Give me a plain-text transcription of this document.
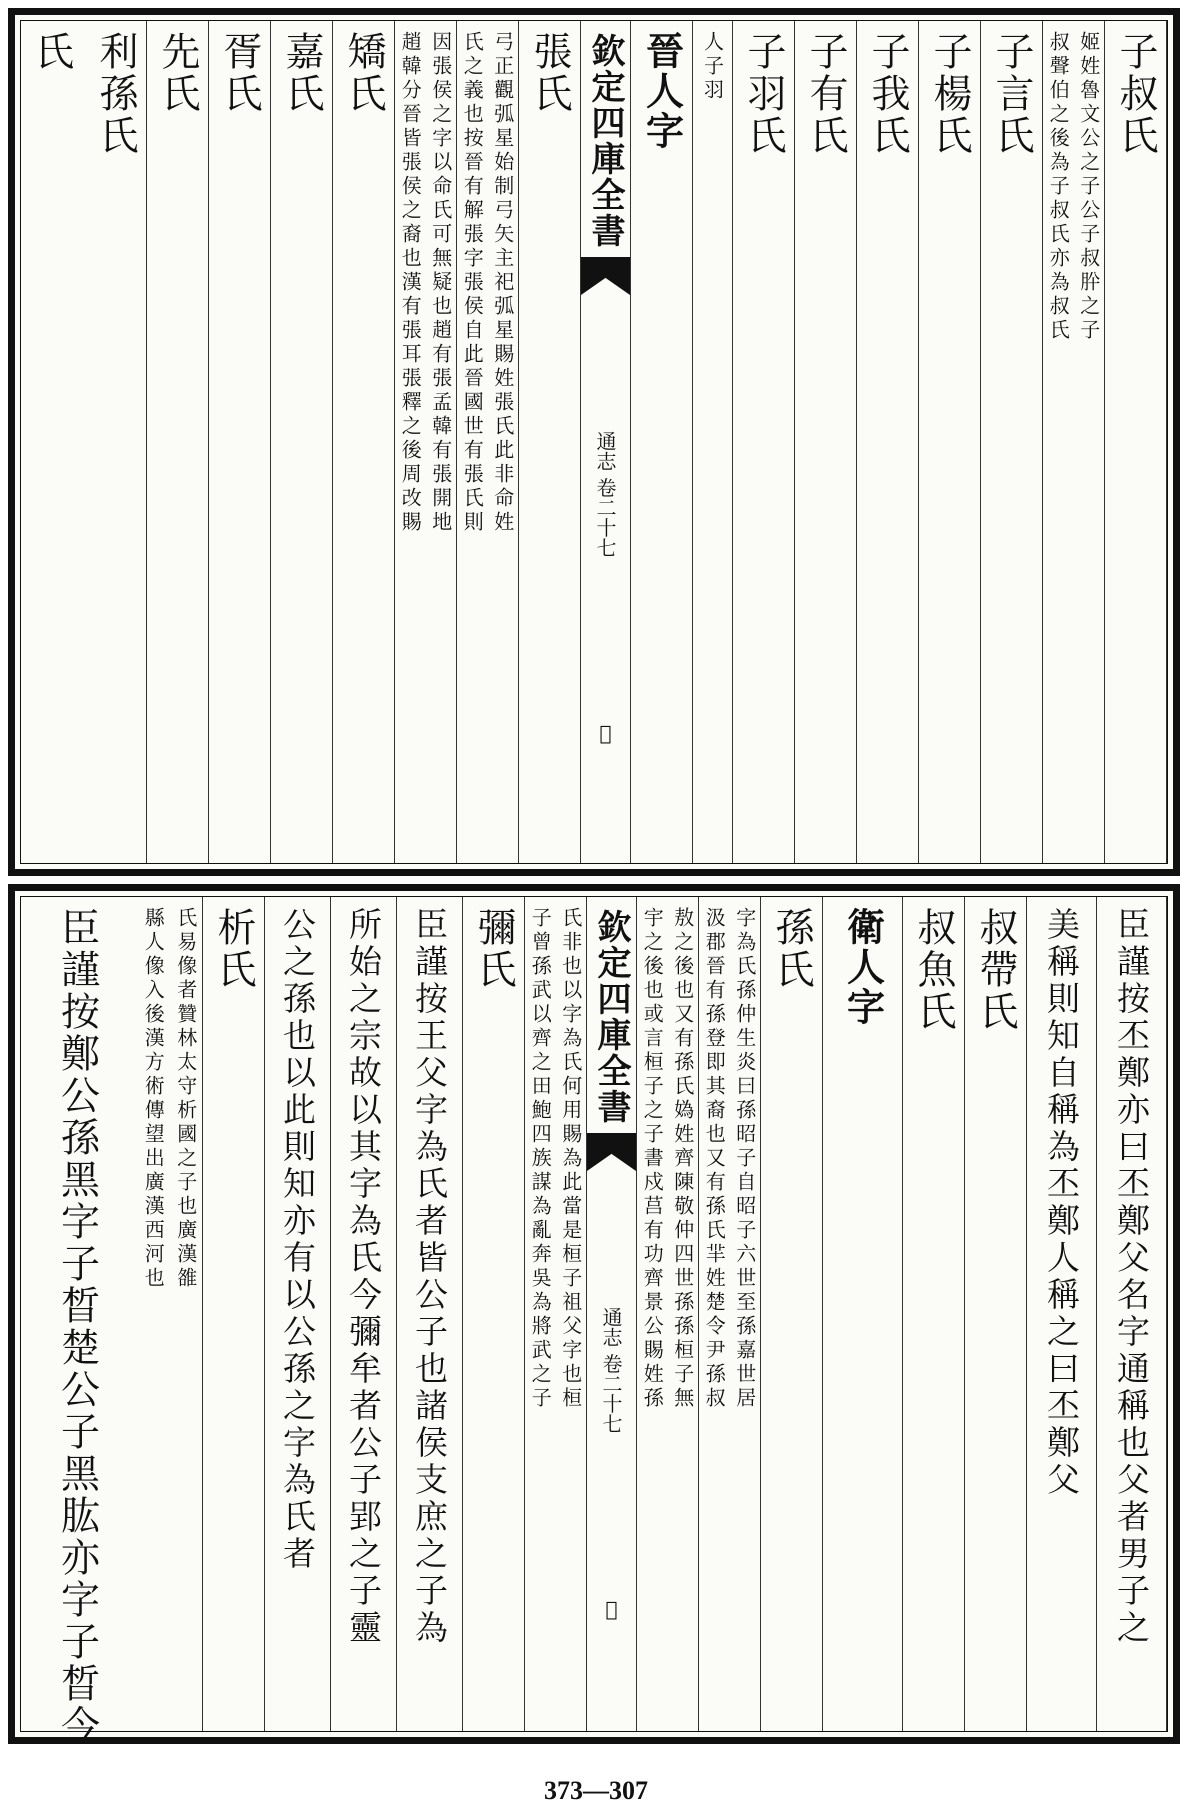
子叔氏
姬姓魯文公之子公子叔肸之子
叔聲伯之後為子叔氏亦為叔氏
子言氏
子楊氏
子我氏
子有氏
子羽氏
人子羽
晉人字
欽定四庫全書
通志 卷二十七
𥘉
張氏
弓正觀弧星始制弓矢主祀弧星賜姓張氏此非命姓
氏之義也按晉有解張字張侯自此晉國世有張氏則
因張侯之字以命氏可無疑也趙有張孟韓有張開地
趙韓分晉皆張侯之裔也漢有張耳張釋之後周改賜
矯氏
嘉氏
胥氏
先氏
利孫氏
氏
臣謹按丕鄭亦曰丕鄭父名字通稱也父者男子之
美稱則知自稱為丕鄭人稱之曰丕鄭父
叔帶氏
叔魚氏
衛人字
孫氏
字為氏孫仲生炎曰孫昭子自昭子六世至孫嘉世居
汲郡晉有孫登即其裔也又有孫氏羋姓楚令尹孫叔
敖之後也又有孫氏媯姓齊陳敬仲四世孫孫桓子無
宇之後也或言桓子之子書戍莒有功齊景公賜姓孫
欽定四庫全書
通志 卷二十七
𥘉
氏非也以字為氏何用賜為此當是桓子祖父字也桓
子曾孫武以齊之田鮑四族謀為亂奔吳為將武之子
彌氏
臣謹按王父字為氏者皆公子也諸侯支庶之子為
所始之宗故以其字為氏今彌牟者公子郢之子靈
公之孫也以此則知亦有以公孫之字為氏者
析氏
氏易像者贊林太守析國之子也廣漢雒
縣人像入後漢方術傳望出廣漢西河也
臣謹按鄭公孫黑字子晳楚公子黑肱亦字子晳今
373—307
